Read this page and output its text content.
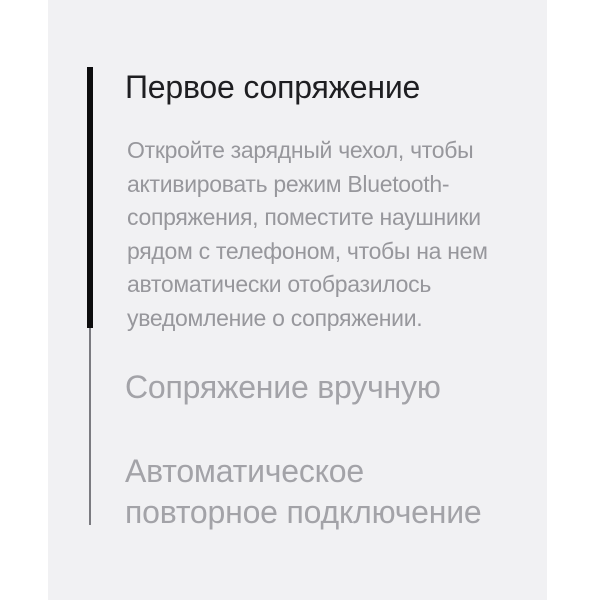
Первое сопряжение
Откройте зарядный чехол, чтобы
активировать режим Bluetooth-
сопряжения, поместите наушники
рядом с телефоном, чтобы на нем
автоматически отобразилось
уведомление о сопряжении.
Сопряжение вручную
Автоматическое повторное подключение
